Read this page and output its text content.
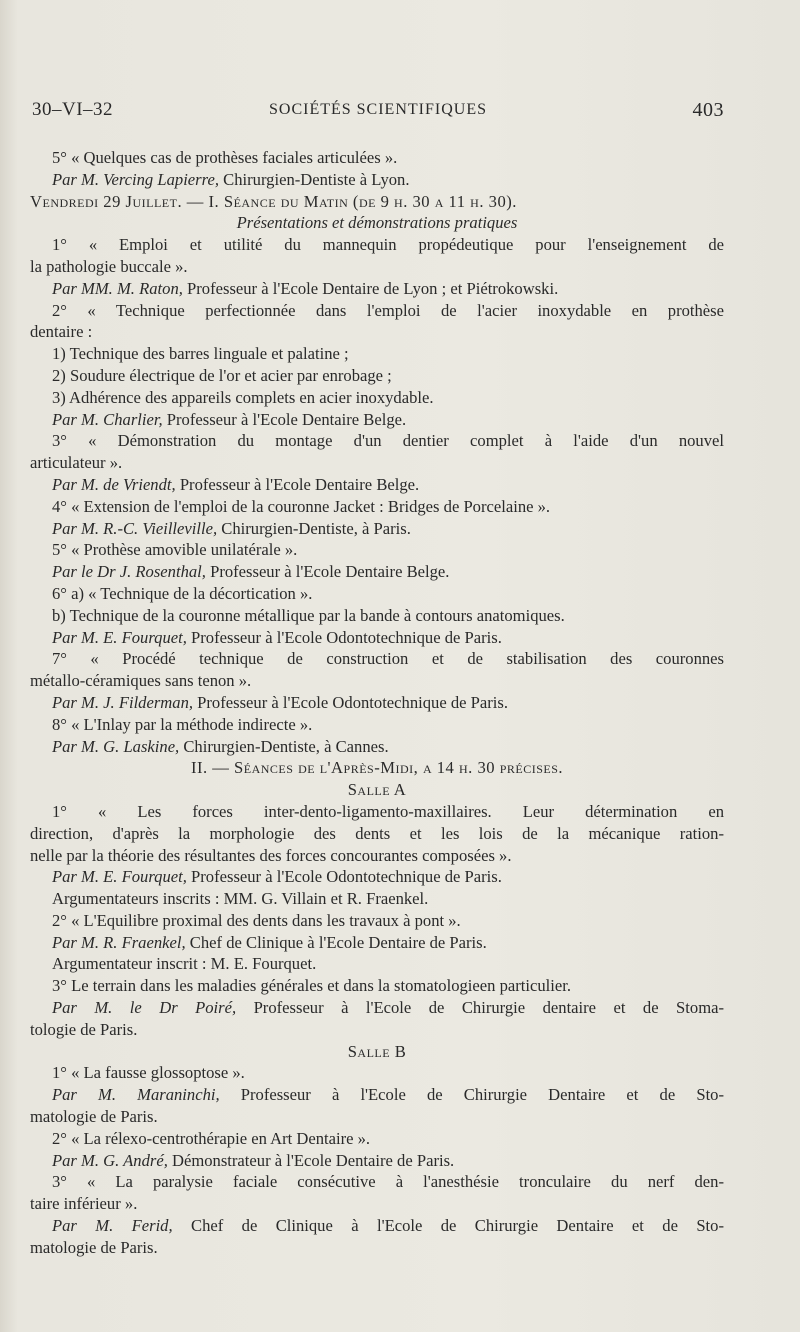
30–VI–32	SOCIÉTÉS SCIENTIFIQUES	403
5° « Quelques cas de prothèses faciales articulées ».
Par M. Vercing Lapierre, Chirurgien-Dentiste à Lyon.
Vendredi 29 Juillet. — I. Séance du Matin (de 9 h. 30 a 11 h. 30).
Présentations et démonstrations pratiques
1° « Emploi et utilité du mannequin propédeutique pour l'enseignement de
la pathologie buccale ».
Par MM. M. Raton, Professeur à l'Ecole Dentaire de Lyon ; et Piétrokowski.
2° « Technique perfectionnée dans l'emploi de l'acier inoxydable en prothèse
dentaire :
1) Technique des barres linguale et palatine ;
2) Soudure électrique de l'or et acier par enrobage ;
3) Adhérence des appareils complets en acier inoxydable.
Par M. Charlier, Professeur à l'Ecole Dentaire Belge.
3° « Démonstration du montage d'un dentier complet à l'aide d'un nouvel
articulateur ».
Par M. de Vriendt, Professeur à l'Ecole Dentaire Belge.
4° « Extension de l'emploi de la couronne Jacket : Bridges de Porcelaine ».
Par M. R.-C. Vieilleville, Chirurgien-Dentiste, à Paris.
5° « Prothèse amovible unilatérale ».
Par le Dr J. Rosenthal, Professeur à l'Ecole Dentaire Belge.
6° a) « Technique de la décortication ».
b) Technique de la couronne métallique par la bande à contours anatomiques.
Par M. E. Fourquet, Professeur à l'Ecole Odontotechnique de Paris.
7° « Procédé technique de construction et de stabilisation des couronnes
métallo-céramiques sans tenon ».
Par M. J. Filderman, Professeur à l'Ecole Odontotechnique de Paris.
8° « L'Inlay par la méthode indirecte ».
Par M. G. Laskine, Chirurgien-Dentiste, à Cannes.
II. — Séances de l'Après-Midi, a 14 h. 30 précises.
Salle A
1° « Les forces inter-dento-ligamento-maxillaires. Leur détermination en
direction, d'après la morphologie des dents et les lois de la mécanique ration-
nelle par la théorie des résultantes des forces concourantes composées ».
Par M. E. Fourquet, Professeur à l'Ecole Odontotechnique de Paris.
Argumentateurs inscrits : MM. G. Villain et R. Fraenkel.
2° « L'Equilibre proximal des dents dans les travaux à pont ».
Par M. R. Fraenkel, Chef de Clinique à l'Ecole Dentaire de Paris.
Argumentateur inscrit : M. E. Fourquet.
3° Le terrain dans les maladies générales et dans la stomatologieen particulier.
Par M. le Dr Poiré, Professeur à l'Ecole de Chirurgie dentaire et de Stoma-
tologie de Paris.
Salle B
1° « La fausse glossoptose ».
Par M. Maraninchi, Professeur à l'Ecole de Chirurgie Dentaire et de Sto-
matologie de Paris.
2° « La rélexo-centrothérapie en Art Dentaire ».
Par M. G. André, Démonstrateur à l'Ecole Dentaire de Paris.
3° « La paralysie faciale consécutive à l'anesthésie tronculaire du nerf den-
taire inférieur ».
Par M. Ferid, Chef de Clinique à l'Ecole de Chirurgie Dentaire et de Sto-
matologie de Paris.
